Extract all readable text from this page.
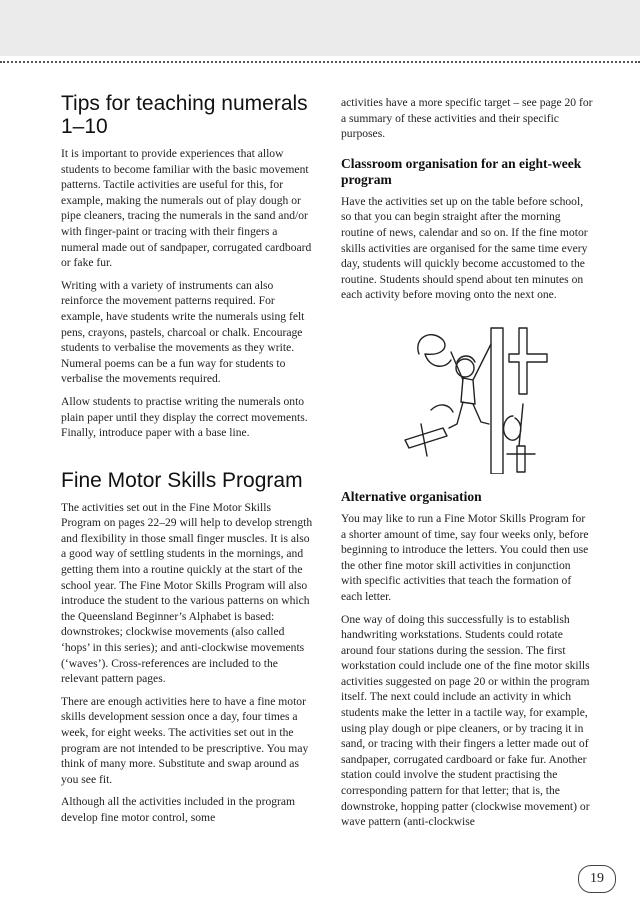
Tips for teaching numerals 1–10

It is important to provide experiences that allow students to become familiar with the basic movement patterns. Tactile activities are useful for this, for example, making the numerals out of play dough or pipe cleaners, tracing the numerals in the sand and/or with finger-paint or tracing with their fingers a numeral made out of sandpaper, corrugated cardboard or fake fur.

Writing with a variety of instruments can also reinforce the movement patterns required. For example, have students write the numerals using felt pens, crayons, pastels, charcoal or chalk. Encourage students to verbalise the movements as they write. Numeral poems can be a fun way for students to verbalise the movements required.

Allow students to practise writing the numerals onto plain paper until they display the correct movements. Finally, introduce paper with a base line.

Fine Motor Skills Program

The activities set out in the Fine Motor Skills Program on pages 22–29 will help to develop strength and flexibility in those small finger muscles. It is also a good way of settling students in the mornings, and getting them into a routine quickly at the start of the school year. The Fine Motor Skills Program will also introduce the student to the various patterns on which the Queensland Beginner’s Alphabet is based: downstrokes; clockwise movements (also called ‘hops’ in this series); and anti-clockwise movements (‘waves’). Cross-references are included to the relevant pattern pages.

There are enough activities here to have a fine motor skills development session once a day, four times a week, for eight weeks. The activities set out in the program are not intended to be prescriptive. You may think of many more. Substitute and swap around as you see fit.

Although all the activities included in the program develop fine motor control, some

activities have a more specific target – see page 20 for a summary of these activities and their specific purposes.

Classroom organisation for an eight-week program

Have the activities set up on the table before school, so that you can begin straight after the morning routine of news, calendar and so on. If the fine motor skills activities are organised for the same time every day, students will quickly become accustomed to the routine. Students should spend about ten minutes on each activity before moving onto the next one.

Alternative organisation

You may like to run a Fine Motor Skills Program for a shorter amount of time, say four weeks only, before beginning to introduce the letters. You could then use the other fine motor skill activities in conjunction with specific activities that teach the formation of each letter.

One way of doing this successfully is to establish handwriting workstations. Students could rotate around four stations during the session. The first workstation could include one of the fine motor skills activities suggested on page 20 or within the program itself. The next could include an activity in which students make the letter in a tactile way, for example, using play dough or pipe cleaners, or by tracing it in sand, or tracing with their fingers a letter made out of sandpaper, corrugated cardboard or fake fur. Another station could involve the student practising the corresponding pattern for that letter; that is, the downstroke, hopping patter (clockwise movement) or wave pattern (anti-clockwise

19
